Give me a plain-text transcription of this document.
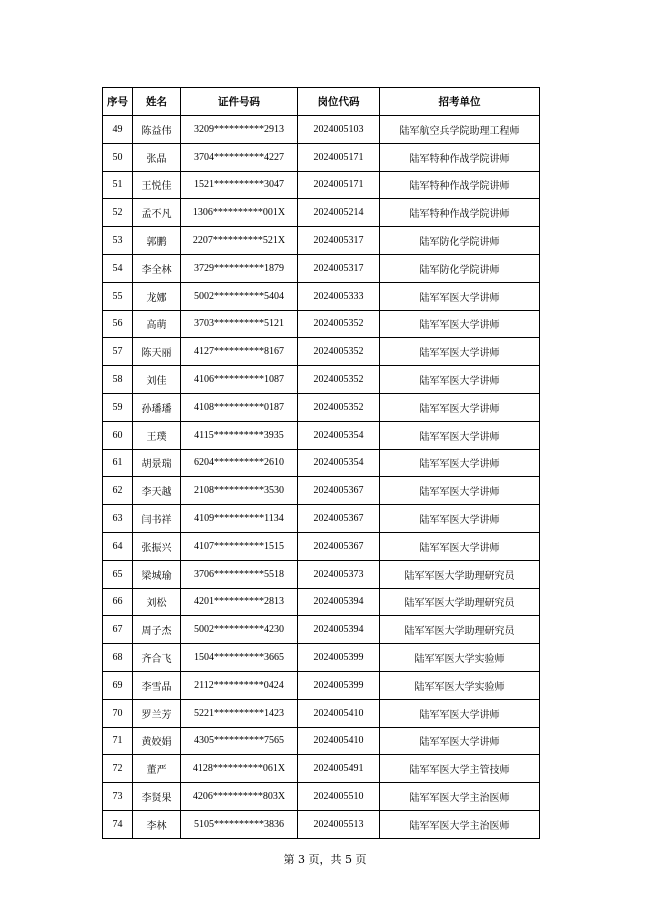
序号	姓名	证件号码	岗位代码	招考单位
49	陈益伟	3209**********2913	2024005103	陆军航空兵学院助理工程师
50	张晶	3704**********4227	2024005171	陆军特种作战学院讲师
51	王悦佳	1521**********3047	2024005171	陆军特种作战学院讲师
52	孟不凡	1306**********001X	2024005214	陆军特种作战学院讲师
53	郭鹏	2207**********521X	2024005317	陆军防化学院讲师
54	李全林	3729**********1879	2024005317	陆军防化学院讲师
55	龙娜	5002**********5404	2024005333	陆军军医大学讲师
56	高萌	3703**********5121	2024005352	陆军军医大学讲师
57	陈天丽	4127**********8167	2024005352	陆军军医大学讲师
58	刘佳	4106**********1087	2024005352	陆军军医大学讲师
59	孙璠璠	4108**********0187	2024005352	陆军军医大学讲师
60	王璞	4115**********3935	2024005354	陆军军医大学讲师
61	胡景瑞	6204**********2610	2024005354	陆军军医大学讲师
62	李天越	2108**********3530	2024005367	陆军军医大学讲师
63	闫书祥	4109**********1134	2024005367	陆军军医大学讲师
64	张振兴	4107**********1515	2024005367	陆军军医大学讲师
65	梁城瑜	3706**********5518	2024005373	陆军军医大学助理研究员
66	刘松	4201**********2813	2024005394	陆军军医大学助理研究员
67	周子杰	5002**********4230	2024005394	陆军军医大学助理研究员
68	齐合飞	1504**********3665	2024005399	陆军军医大学实验师
69	李雪晶	2112**********0424	2024005399	陆军军医大学实验师
70	罗兰芳	5221**********1423	2024005410	陆军军医大学讲师
71	黄姣娟	4305**********7565	2024005410	陆军军医大学讲师
72	董严	4128**********061X	2024005491	陆军军医大学主管技师
73	李贤果	4206**********803X	2024005510	陆军军医大学主治医师
74	李林	5105**********3836	2024005513	陆军军医大学主治医师
第 3 页，共 5 页
